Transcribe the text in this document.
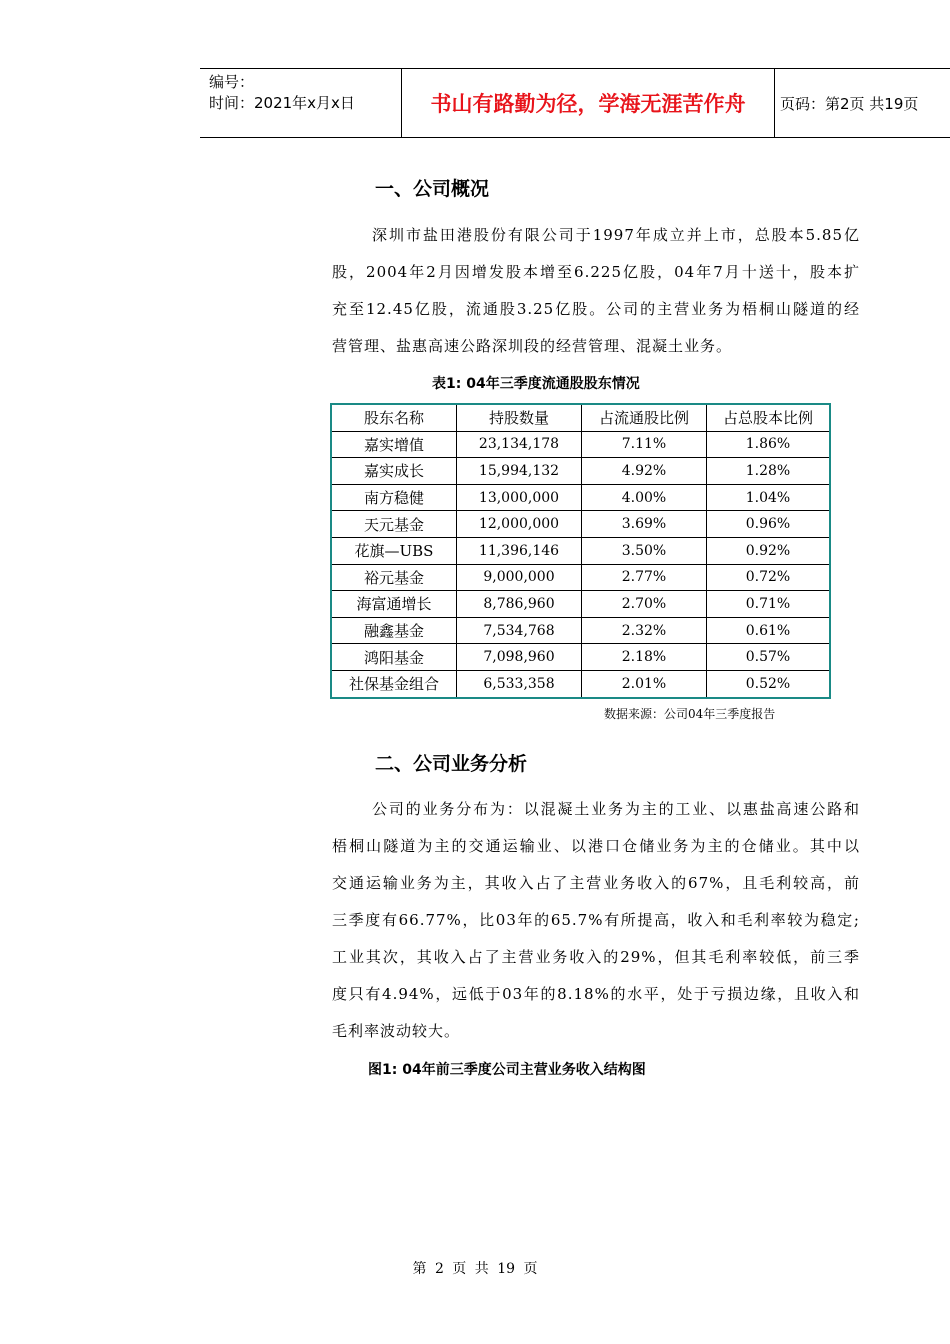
编号：
时间：2021年x月x日	书山有路勤为径，学海无涯苦作舟	页码：第2页 共19页
一、公司概况
深圳市盐田港股份有限公司于1997年成立并上市，总股本5.85亿
股，2004年2月因增发股本增至6.225亿股，04年7月十送十，股本扩
充至12.45亿股，流通股3.25亿股。公司的主营业务为梧桐山隧道的经
营管理、盐惠高速公路深圳段的经营管理、混凝土业务。
表1: 04年三季度流通股股东情况
股东名称	持股数量	占流通股比例	占总股本比例
嘉实增值	23,134,178	7.11%	1.86%
嘉实成长	15,994,132	4.92%	1.28%
南方稳健	13,000,000	4.00%	1.04%
天元基金	12,000,000	3.69%	0.96%
花旗—UBS	11,396,146	3.50%	0.92%
裕元基金	9,000,000	2.77%	0.72%
海富通增长	8,786,960	2.70%	0.71%
融鑫基金	7,534,768	2.32%	0.61%
鸿阳基金	7,098,960	2.18%	0.57%
社保基金组合	6,533,358	2.01%	0.52%
数据来源：公司04年三季度报告
二、公司业务分析
公司的业务分布为：以混凝土业务为主的工业、以惠盐高速公路和
梧桐山隧道为主的交通运输业、以港口仓储业务为主的仓储业。其中以
交通运输业务为主，其收入占了主营业务收入的67%，且毛利较高，前
三季度有66.77%，比03年的65.7%有所提高，收入和毛利率较为稳定;
工业其次，其收入占了主营业务收入的29%，但其毛利率较低，前三季
度只有4.94%，远低于03年的8.18%的水平，处于亏损边缘，且收入和
毛利率波动较大。
图1: 04年前三季度公司主营业务收入结构图
第 2 页 共 19 页
